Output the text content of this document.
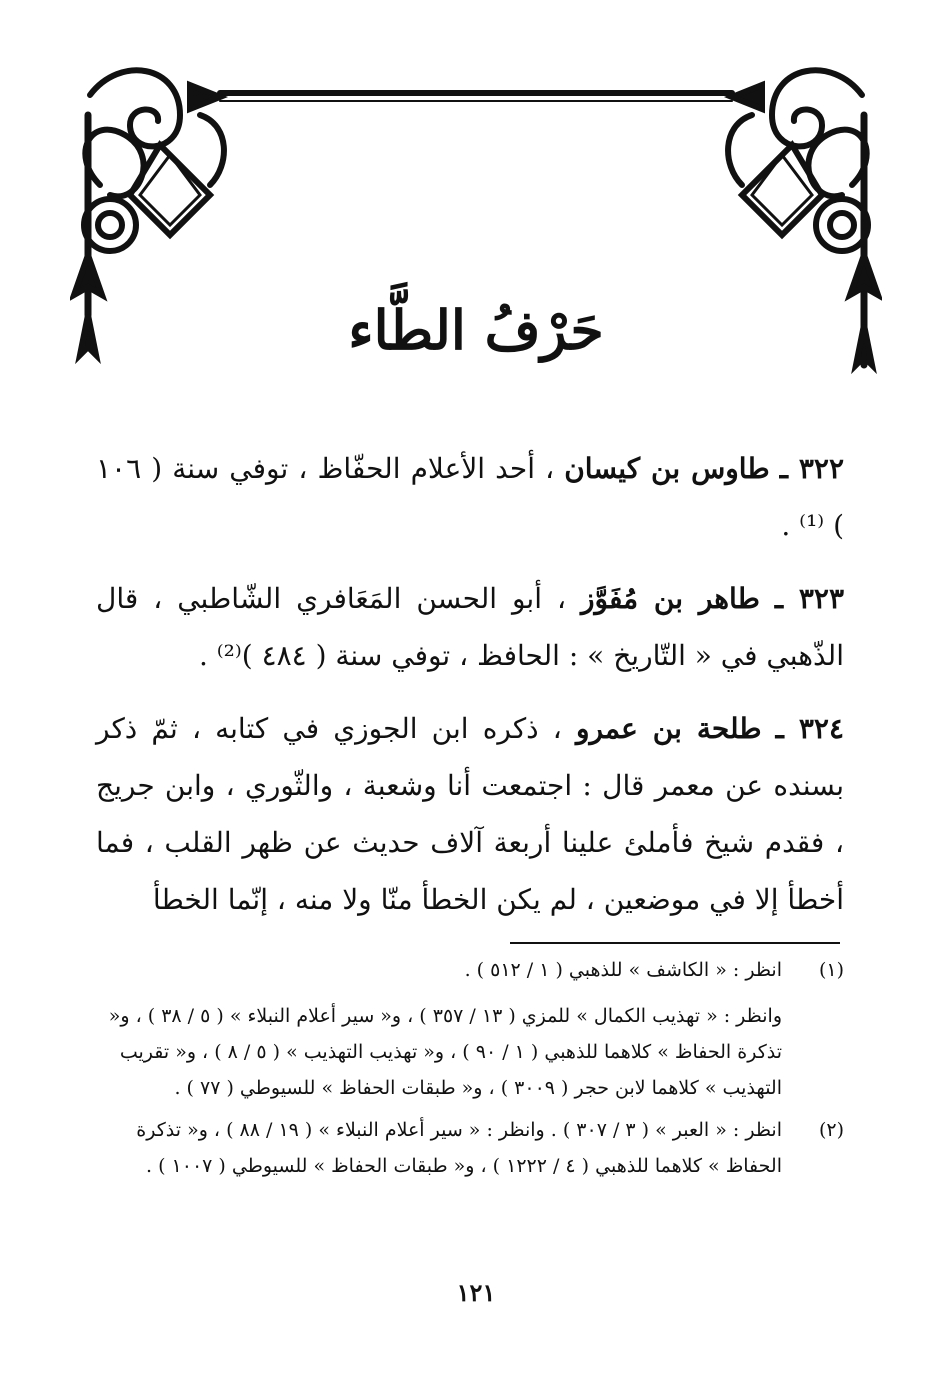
حَرْفُ الطَّاء
٣٢٢ ـ طاوس بن كيسان ، أحد الأعلام الحفّاظ ، توفي سنة ( ١٠٦ ) ⁽¹⁾ .
٣٢٣ ـ طاهر بن مُفَوَّز ، أبو الحسن المَعَافري الشّاطبي ، قال الذّهبي في « التّاريخ » : الحافظ ، توفي سنة ( ٤٨٤ )⁽²⁾ .
٣٢٤ ـ طلحة بن عمرو ، ذكره ابن الجوزي في كتابه ، ثمّ ذكر بسنده عن معمر قال : اجتمعت أنا وشعبة ، والثّوري ، وابن جريج ، فقدم شيخ فأملئ علينا أربعة آلاف حديث عن ظهر القلب ، فما أخطأ إلا في موضعين ، لم يكن الخطأ منّا ولا منه ، إنّما الخطأ
(١)
انظر : « الكاشف » للذهبي ( ١ / ٥١٢ ) .
وانظر : « تهذيب الكمال » للمزي ( ١٣ / ٣٥٧ ) ، و« سير أعلام النبلاء » ( ٥ / ٣٨ ) ، و« تذكرة الحفاظ » كلاهما للذهبي ( ١ / ٩٠ ) ، و« تهذيب التهذيب » ( ٥ / ٨ ) ، و« تقريب التهذيب » كلاهما لابن حجر ( ٣٠٠٩ ) ، و« طبقات الحفاظ » للسيوطي ( ٧٧ ) .
(٢)
انظر : « العبر » ( ٣ / ٣٠٧ ) . وانظر : « سير أعلام النبلاء » ( ١٩ / ٨٨ ) ، و« تذكرة الحفاظ » كلاهما للذهبي ( ٤ / ١٢٢٢ ) ، و« طبقات الحفاظ » للسيوطي ( ١٠٠٧ ) .
١٢١
